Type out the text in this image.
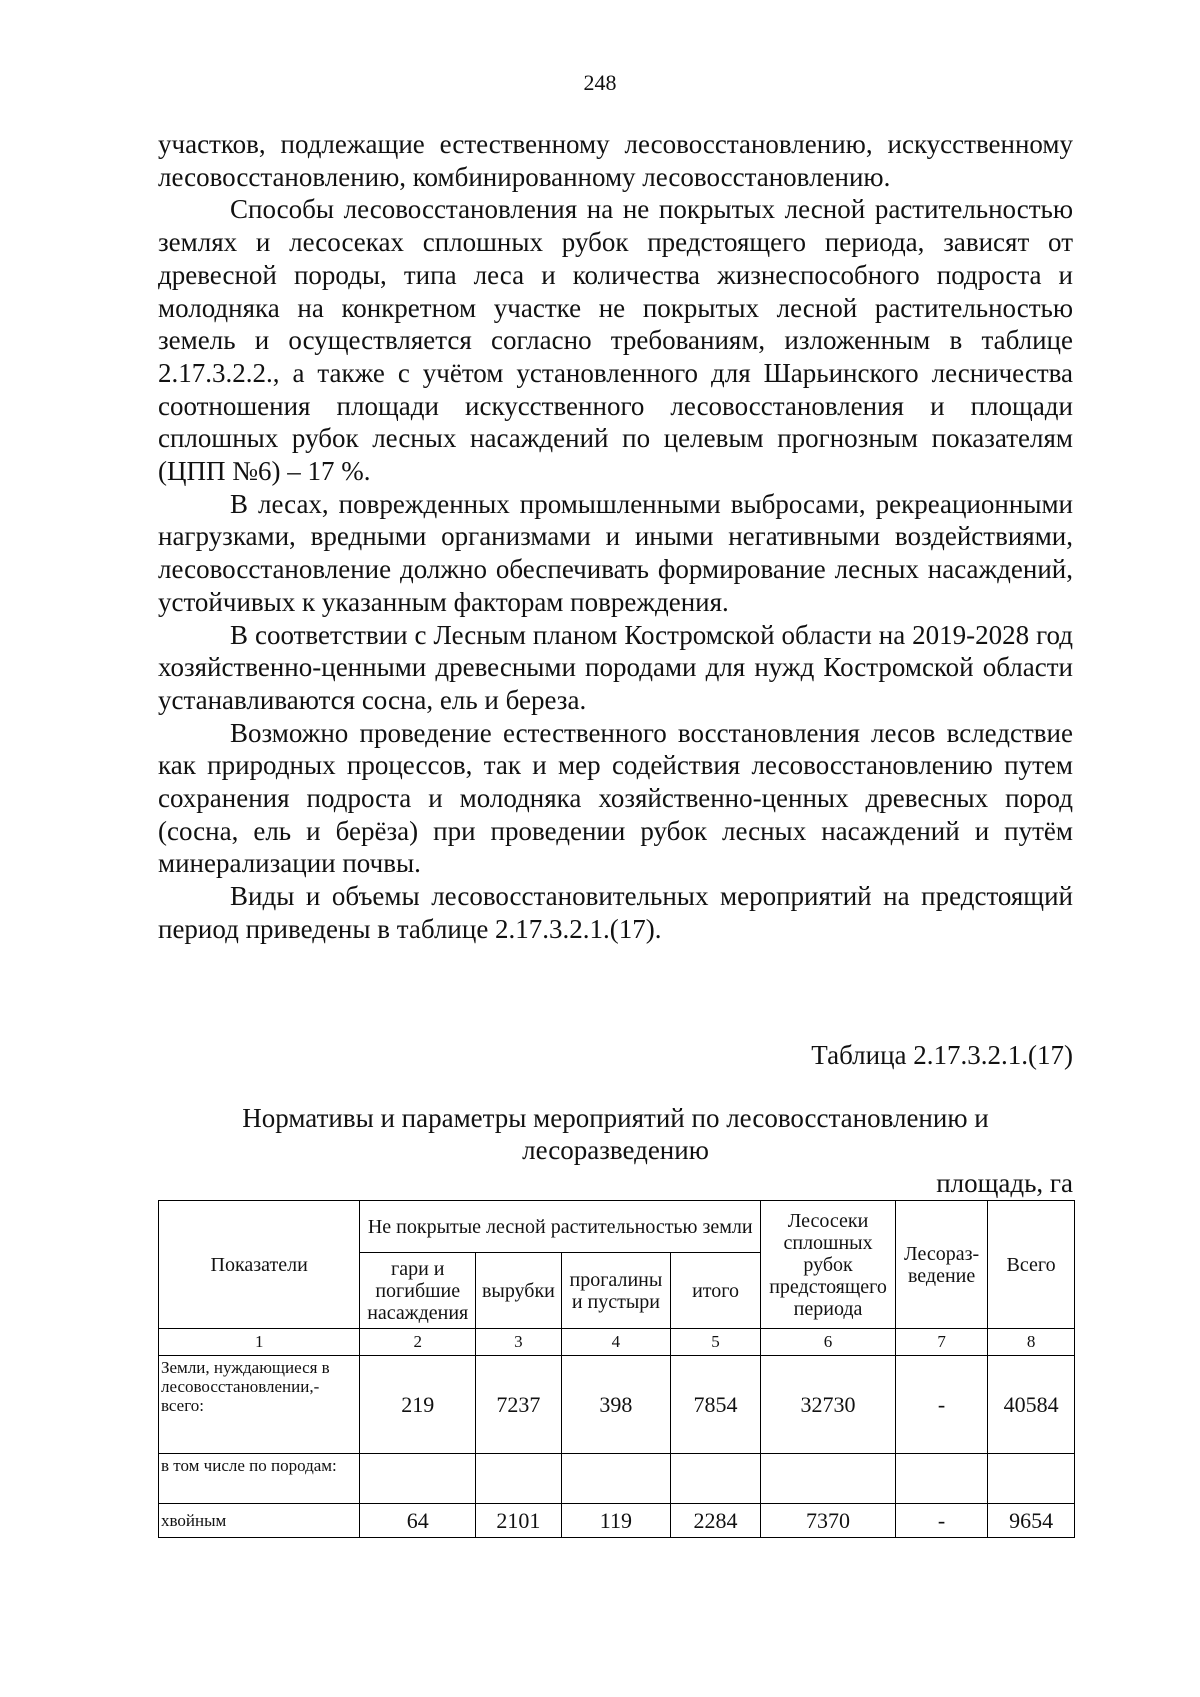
248

участков, подлежащие естественному лесовосстановлению, искусственному лесовосстановлению, комбинированному лесовосстановлению.

Способы лесовосстановления на не покрытых лесной растительностью землях и лесосеках сплошных рубок предстоящего периода, зависят от древесной породы, типа леса и количества жизнеспособного подроста и молодняка на конкретном участке не покрытых лесной растительностью земель и осуществляется согласно требованиям, изложенным в таблице 2.17.3.2.2., а также с учётом установленного для Шарьинского лесничества соотношения площади искусственного лесовосстановления и площади сплошных рубок лесных насаждений по целевым прогнозным показателям (ЦПП №6) – 17 %.

В лесах, поврежденных промышленными выбросами, рекреационными нагрузками, вредными организмами и иными негативными воздействиями, лесовосстановление должно обеспечивать формирование лесных насаждений, устойчивых к указанным факторам повреждения.

В соответствии с Лесным планом Костромской области на 2019-2028 год хозяйственно-ценными древесными породами для нужд Костромской области устанавливаются сосна, ель и береза.

Возможно проведение естественного восстановления лесов вследствие как природных процессов, так и мер содействия лесовосстановлению путем сохранения подроста и молодняка хозяйственно-ценных древесных пород (сосна, ель и берёза) при проведении рубок лесных насаждений и путём минерализации почвы.

Виды и объемы лесовосстановительных мероприятий на предстоящий период приведены в таблице 2.17.3.2.1.(17).

Таблица 2.17.3.2.1.(17)
Нормативы и параметры мероприятий по лесовосстановлению и лесоразведению
площадь, га
Показатели	Не покрытые лесной растительностью земли				Лесосеки сплошных рубок предстоящего периода	Лесораз-ведение	Всего
	гари и погибшие насаждения	вырубки	прогалины и пустыри	итого			
1	2	3	4	5	6	7	8
Земли, нуждающиеся в лесовосстановлении,-всего:	219	7237	398	7854	32730	-	40584
в том числе по породам:							
хвойным	64	2101	119	2284	7370	-	9654
